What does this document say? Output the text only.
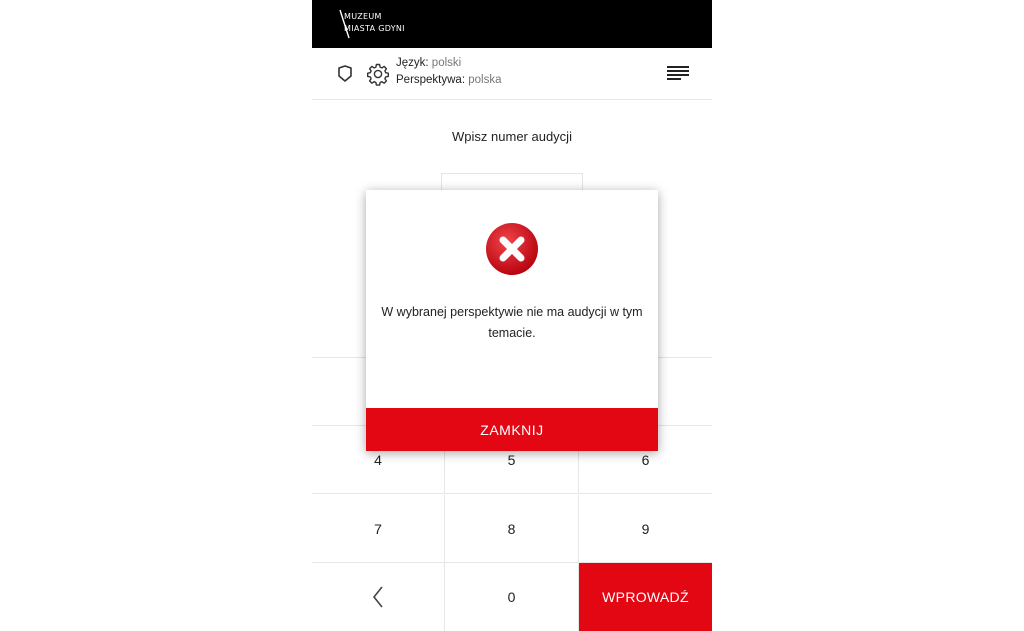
MUZEUM
MIASTA GDYNI
Język: polski
Perspektywa: polska
Wpisz numer audycji
4	5	6
7	8	9
0	WPROWADŹ
W wybranej perspektywie nie ma audycji w tym temacie.
ZAMKNIJ
